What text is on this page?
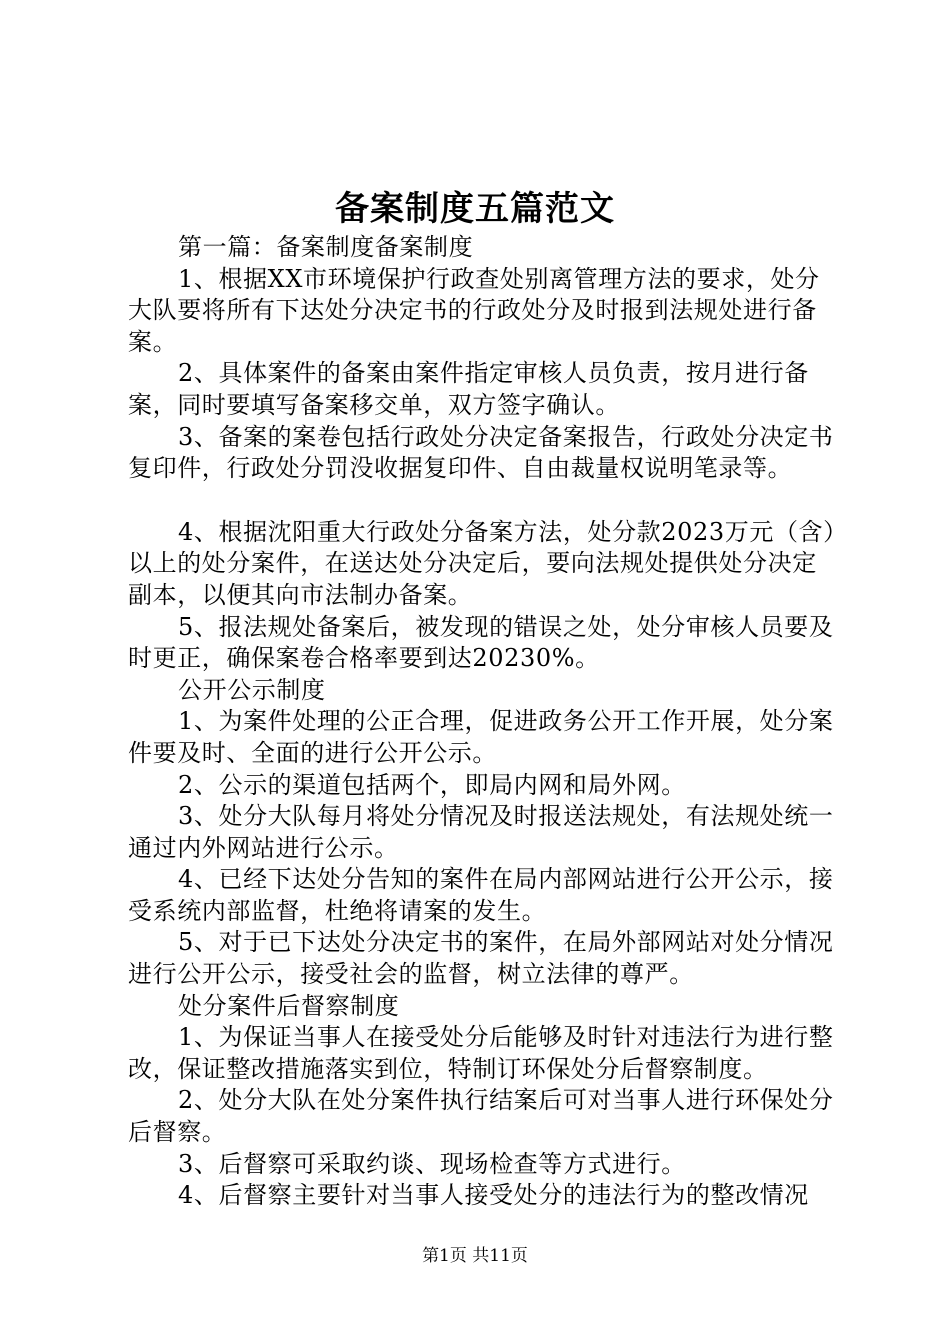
备案制度五篇范文

第一篇：备案制度备案制度

1、根据XX市环境保护行政查处别离管理方法的要求，处分大队要将所有下达处分决定书的行政处分及时报到法规处进行备案。

2、具体案件的备案由案件指定审核人员负责，按月进行备案，同时要填写备案移交单，双方签字确认。

3、备案的案卷包括行政处分决定备案报告，行政处分决定书复印件，行政处分罚没收据复印件、自由裁量权说明笔录等。

4、根据沈阳重大行政处分备案方法，处分款2023万元（含）以上的处分案件，在送达处分决定后，要向法规处提供处分决定副本，以便其向市法制办备案。

5、报法规处备案后，被发现的错误之处，处分审核人员要及时更正，确保案卷合格率要到达20230%。

公开公示制度

1、为案件处理的公正合理，促进政务公开工作开展，处分案件要及时、全面的进行公开公示。

2、公示的渠道包括两个，即局内网和局外网。

3、处分大队每月将处分情况及时报送法规处，有法规处统一通过内外网站进行公示。

4、已经下达处分告知的案件在局内部网站进行公开公示，接受系统内部监督，杜绝将请案的发生。

5、对于已下达处分决定书的案件，在局外部网站对处分情况进行公开公示，接受社会的监督，树立法律的尊严。

处分案件后督察制度

1、为保证当事人在接受处分后能够及时针对违法行为进行整改，保证整改措施落实到位，特制订环保处分后督察制度。

2、处分大队在处分案件执行结案后可对当事人进行环保处分后督察。

3、后督察可采取约谈、现场检查等方式进行。

4、后督察主要针对当事人接受处分的违法行为的整改情况

第1页 共11页
